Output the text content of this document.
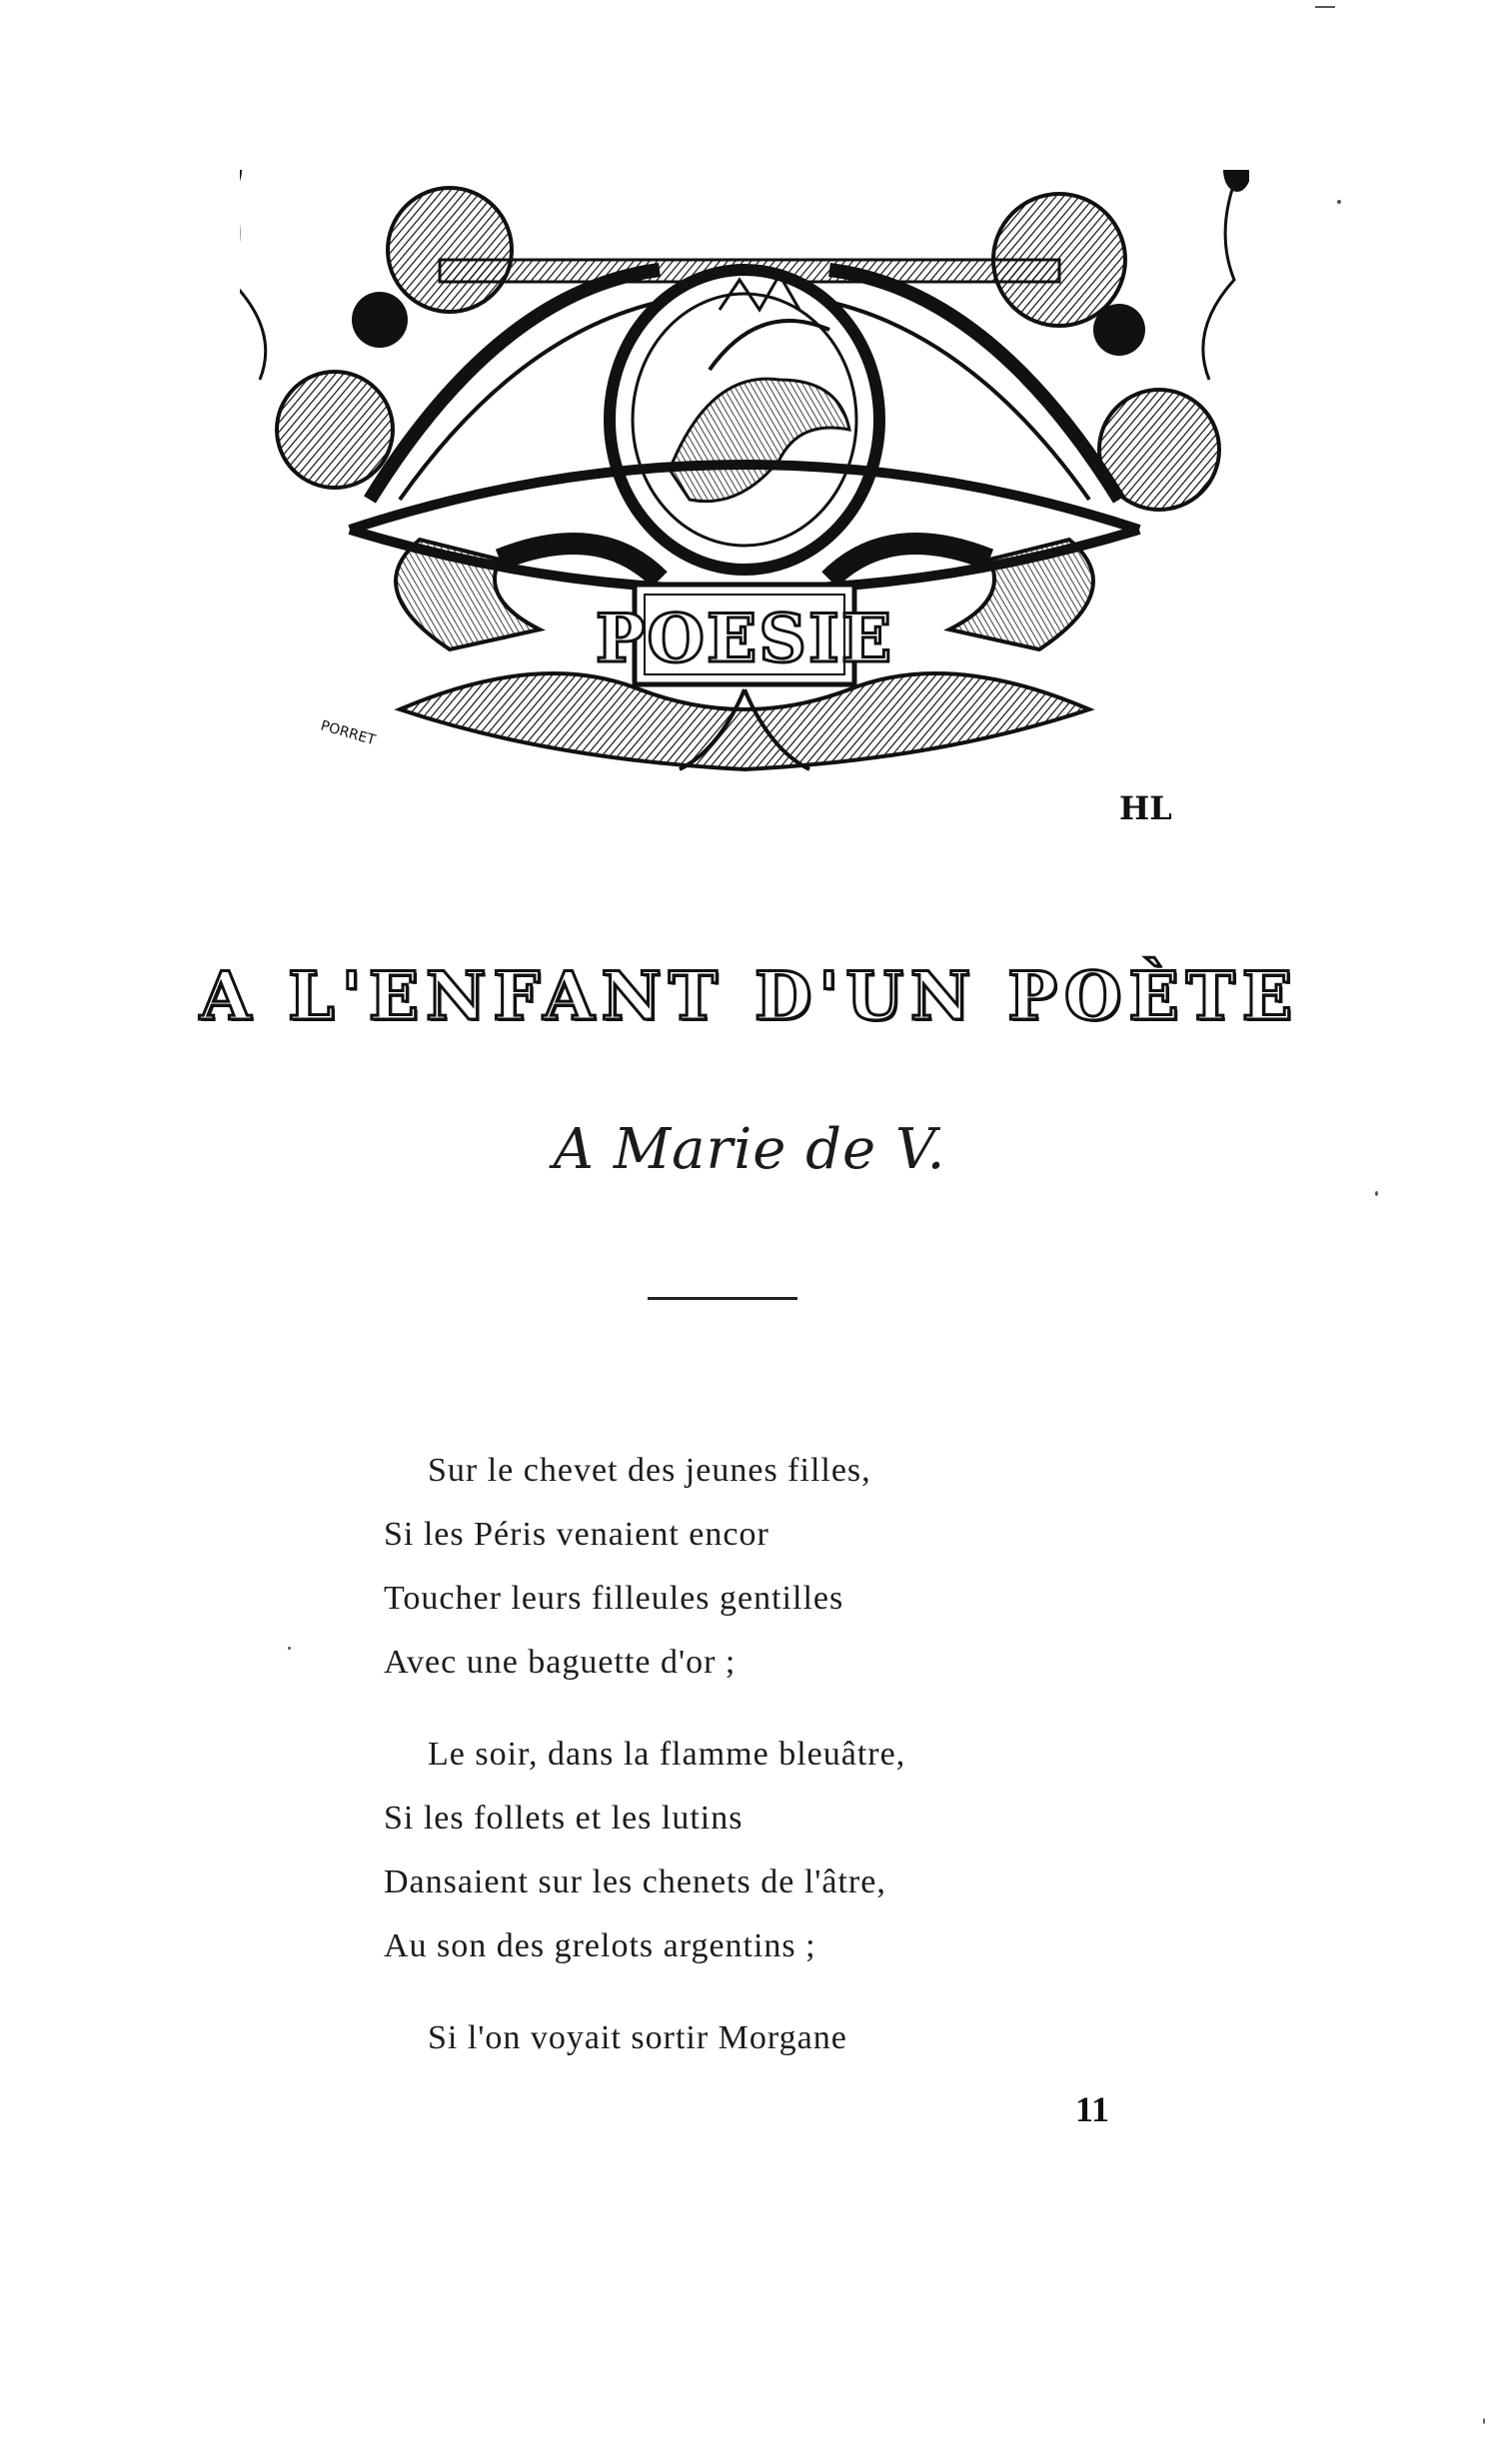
POESIE
PORRET
HL
A L'ENFANT D'UN POÈTE
A Marie de V.
Sur le chevet des jeunes filles,
Si les Péris venaient encor
Toucher leurs filleules gentilles
Avec une baguette d'or ;
Le soir, dans la flamme bleuâtre,
Si les follets et les lutins
Dansaient sur les chenets de l'âtre,
Au son des grelots argentins ;
Si l'on voyait sortir Morgane
11
